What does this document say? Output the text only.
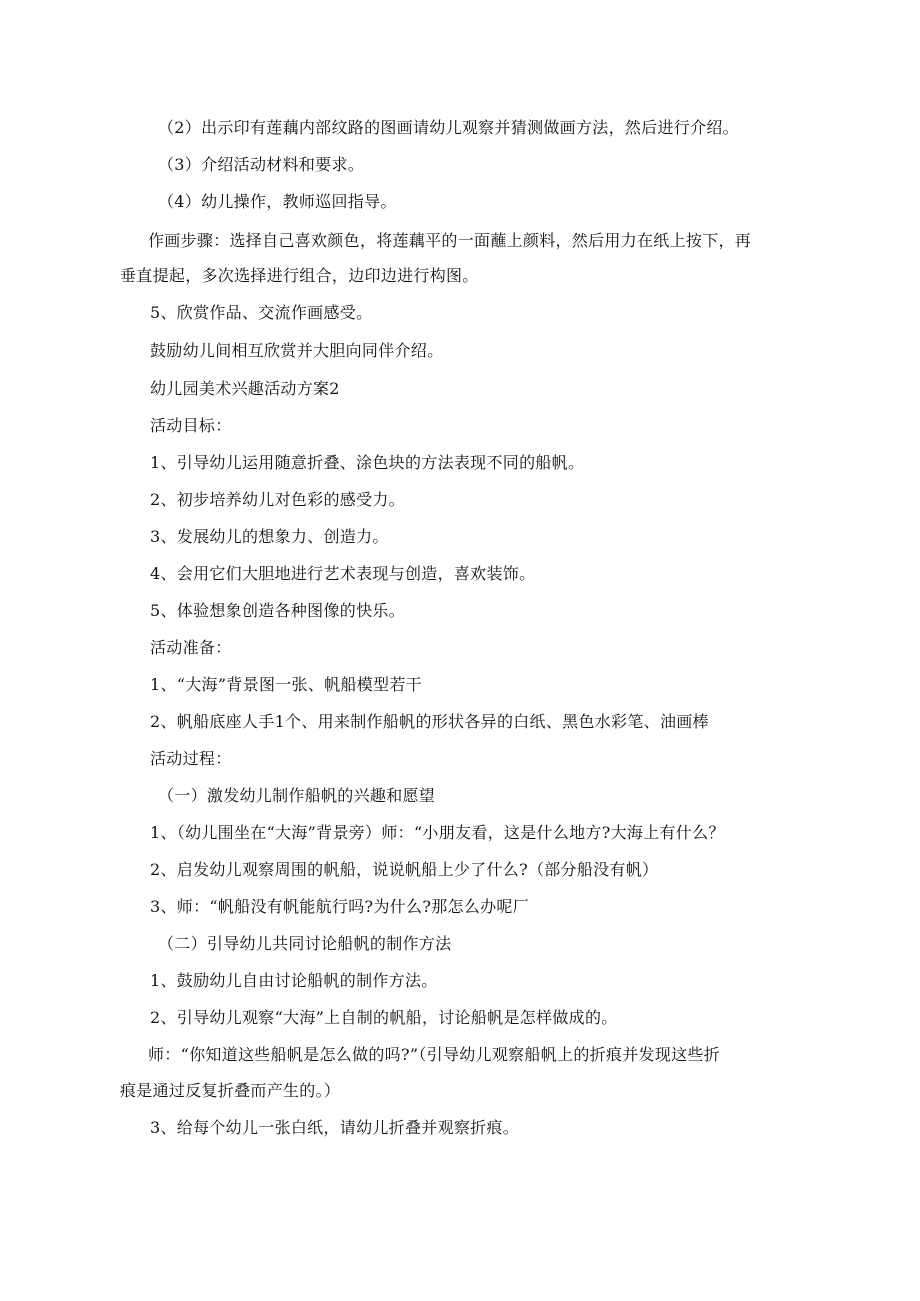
（2）出示印有莲藕内部纹路的图画请幼儿观察并猜测做画方法，然后进行介绍。
（3）介绍活动材料和要求。
（4）幼儿操作，教师巡回指导。
作画步骤：选择自己喜欢颜色，将莲藕平的一面蘸上颜料，然后用力在纸上按下，再
垂直提起，多次选择进行组合，边印边进行构图。
5、欣赏作品、交流作画感受。
鼓励幼儿间相互欣赏并大胆向同伴介绍。
幼儿园美术兴趣活动方案2
活动目标：
1、引导幼儿运用随意折叠、涂色块的方法表现不同的船帆。
2、初步培养幼儿对色彩的感受力。
3、发展幼儿的想象力、创造力。
4、会用它们大胆地进行艺术表现与创造，喜欢装饰。
5、体验想象创造各种图像的快乐。
活动准备：
1、“大海”背景图一张、帆船模型若干
2、帆船底座人手1个、用来制作船帆的形状各异的白纸、黑色水彩笔、油画棒
活动过程：
（一）激发幼儿制作船帆的兴趣和愿望
1、（幼儿围坐在“大海”背景旁）师：“小朋友看，这是什么地方?大海上有什么？
2、启发幼儿观察周围的帆船，说说帆船上少了什么?（部分船没有帆）
3、师：“帆船没有帆能航行吗?为什么?那怎么办呢厂
（二）引导幼儿共同讨论船帆的制作方法
1、鼓励幼儿自由讨论船帆的制作方法。
2、引导幼儿观察“大海”上自制的帆船，讨论船帆是怎样做成的。
师：“你知道这些船帆是怎么做的吗?”（引导幼儿观察船帆上的折痕并发现这些折
痕是通过反复折叠而产生的。）
3、给每个幼儿一张白纸，请幼儿折叠并观察折痕。
